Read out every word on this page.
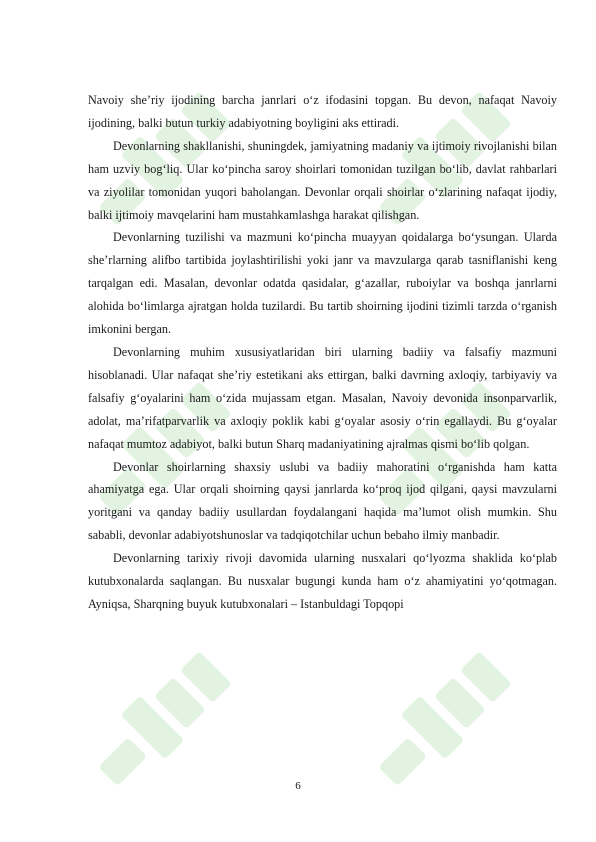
Navoiy she’riy ijodining barcha janrlari o‘z ifodasini topgan. Bu devon, nafaqat Navoiy ijodining, balki butun turkiy adabiyotning boyligini aks ettiradi.

Devonlarning shakllanishi, shuningdek, jamiyatning madaniy va ijtimoiy rivojlanishi bilan ham uzviy bog‘liq. Ular ko‘pincha saroy shoirlari tomonidan tuzilgan bo‘lib, davlat rahbarlari va ziyolilar tomonidan yuqori baholangan. Devonlar orqali shoirlar o‘zlarining nafaqat ijodiy, balki ijtimoiy mavqelarini ham mustahkamlashga harakat qilishgan.

Devonlarning tuzilishi va mazmuni ko‘pincha muayyan qoidalarga bo‘ysungan. Ularda she’rlarning alifbo tartibida joylashtirilishi yoki janr va mavzularga qarab tasniflanishi keng tarqalgan edi. Masalan, devonlar odatda qasidalar, g‘azallar, ruboiylar va boshqa janrlarni alohida bo‘limlarga ajratgan holda tuzilardi. Bu tartib shoirning ijodini tizimli tarzda o‘rganish imkonini bergan.

Devonlarning muhim xususiyatlaridan biri ularning badiiy va falsafiy mazmuni hisoblanadi. Ular nafaqat she’riy estetikani aks ettirgan, balki davrning axloqiy, tarbiyaviy va falsafiy g‘oyalarini ham o‘zida mujassam etgan. Masalan, Navoiy devonida insonparvarlik, adolat, ma’rifatparvarlik va axloqiy poklik kabi g‘oyalar asosiy o‘rin egallaydi. Bu g‘oyalar nafaqat mumtoz adabiyot, balki butun Sharq madaniyatining ajralmas qismi bo‘lib qolgan.

Devonlar shoirlarning shaxsiy uslubi va badiiy mahoratini o‘rganishda ham katta ahamiyatga ega. Ular orqali shoirning qaysi janrlarda ko‘proq ijod qilgani, qaysi mavzularni yoritgani va qanday badiiy usullardan foydalangani haqida ma’lumot olish mumkin. Shu sababli, devonlar adabiyotshunoslar va tadqiqotchilar uchun bebaho ilmiy manbadir.

Devonlarning tarixiy rivoji davomida ularning nusxalari qo‘lyozma shaklida ko‘plab kutubxonalarda saqlangan. Bu nusxalar bugungi kunda ham o‘z ahamiyatini yo‘qotmagan. Ayniqsa, Sharqning buyuk kutubxonalari – Istanbuldagi Topqopi

6
